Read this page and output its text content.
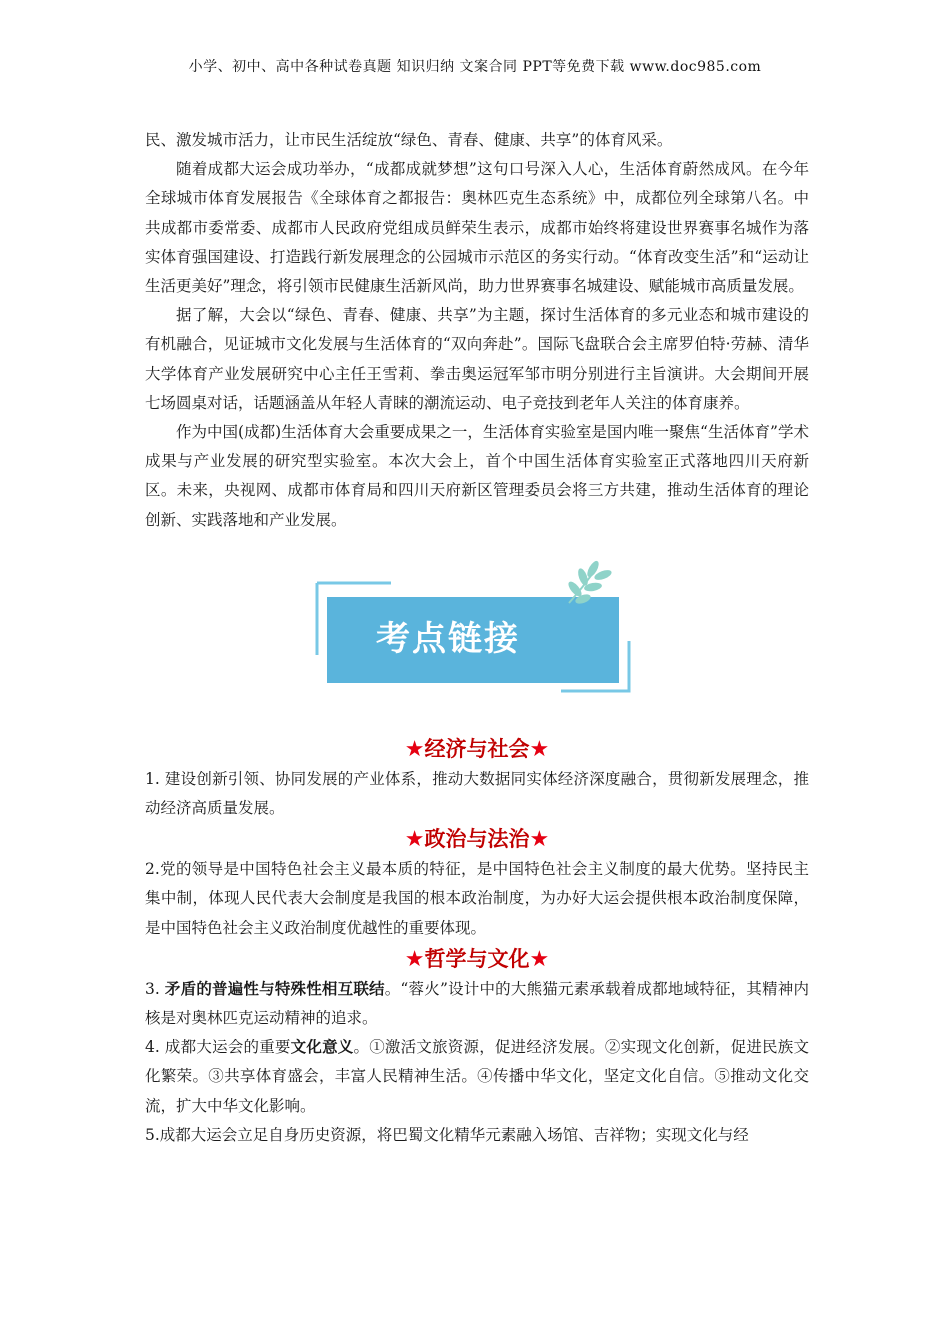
小学、初中、高中各种试卷真题 知识归纳 文案合同 PPT等免费下载 www.doc985.com

民、激发城市活力，让市民生活绽放“绿色、青春、健康、共享”的体育风采。

随着成都大运会成功举办，“成都成就梦想”这句口号深入人心，生活体育蔚然成风。在今年全球城市体育发展报告《全球体育之都报告：奥林匹克生态系统》中，成都位列全球第八名。中共成都市委常委、成都市人民政府党组成员鲜荣生表示，成都市始终将建设世界赛事名城作为落实体育强国建设、打造践行新发展理念的公园城市示范区的务实行动。“体育改变生活”和“运动让生活更美好”理念，将引领市民健康生活新风尚，助力世界赛事名城建设、赋能城市高质量发展。

据了解，大会以“绿色、青春、健康、共享”为主题，探讨生活体育的多元业态和城市建设的有机融合，见证城市文化发展与生活体育的“双向奔赴”。国际飞盘联合会主席罗伯特·劳赫、清华大学体育产业发展研究中心主任王雪莉、拳击奥运冠军邹市明分别进行主旨演讲。大会期间开展七场圆桌对话，话题涵盖从年轻人青睐的潮流运动、电子竞技到老年人关注的体育康养。

作为中国(成都)生活体育大会重要成果之一，生活体育实验室是国内唯一聚焦“生活体育”学术成果与产业发展的研究型实验室。本次大会上，首个中国生活体育实验室正式落地四川天府新区。未来，央视网、成都市体育局和四川天府新区管理委员会将三方共建，推动生活体育的理论创新、实践落地和产业发展。

考点链接
★经济与社会★

1. 建设创新引领、协同发展的产业体系，推动大数据同实体经济深度融合，贯彻新发展理念，推动经济高质量发展。

★政治与法治★

2.党的领导是中国特色社会主义最本质的特征，是中国特色社会主义制度的最大优势。坚持民主集中制，体现人民代表大会制度是我国的根本政治制度，为办好大运会提供根本政治制度保障，是中国特色社会主义政治制度优越性的重要体现。

★哲学与文化★

3. 矛盾的普遍性与特殊性相互联结。“蓉火”设计中的大熊猫元素承载着成都地域特征，其精神内核是对奥林匹克运动精神的追求。

4. 成都大运会的重要文化意义。①激活文旅资源，促进经济发展。②实现文化创新，促进民族文化繁荣。③共享体育盛会，丰富人民精神生活。④传播中华文化，坚定文化自信。⑤推动文化交流，扩大中华文化影响。

5.成都大运会立足自身历史资源，将巴蜀文化精华元素融入场馆、吉祥物；实现文化与经
